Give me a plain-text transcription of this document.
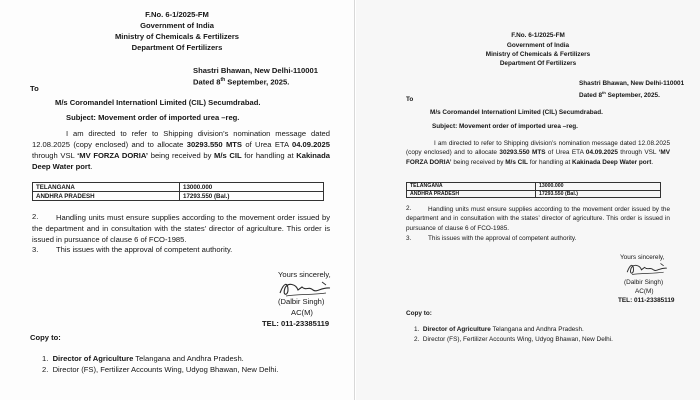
F.No. 6-1/2025-FM
Government of India
Ministry of Chemicals & Fertilizers
Department Of Fertilizers
Shastri Bhawan, New Delhi-110001
Dated 8th September, 2025.
To
M/s Coromandel Internationl Limited (CIL) Secumdrabad.
Subject: Movement order of imported urea –reg.
I am directed to refer to Shipping division’s nomination message dated 12.08.2025 (copy enclosed) and to allocate 30293.550 MTS of Urea ETA 04.09.2025 through VSL ‘MV FORZA DORIA’ being received by M/s CIL for handling at Kakinada Deep Water port.
TELANGANA	13000.000
ANDHRA PRADESH	17293.550 (Bal.)
2.	Handling units must ensure supplies according to the movement order issued by the department and in consultation with the states’ director of agriculture. This order is issued in pursuance of clause 6 of FCO-1985.
3. This issues with the approval of competent authority.
Yours sincerely,
(Dalbir Singh)
AC(M)
TEL: 011-23385119
Copy to:
1. Director of Agriculture Telangana and Andhra Pradesh.
2. Director (FS), Fertilizer Accounts Wing, Udyog Bhawan, New Delhi.
F.No. 6-1/2025-FM
Government of India
Ministry of Chemicals & Fertilizers
Department Of Fertilizers
Shastri Bhawan, New Delhi-110001
Dated 8th September, 2025.
To
M/s Coromandel Internationl Limited (CIL) Secumdrabad.
Subject: Movement order of imported urea –reg.
I am directed to refer to Shipping division’s nomination message dated 12.08.2025 (copy enclosed) and to allocate 30293.550 MTS of Urea ETA 04.09.2025 through VSL ‘MV FORZA DORIA’ being received by M/s CIL for handling at Kakinada Deep Water port.
TELANGANA	13000.000
ANDHRA PRADESH	17293.550 (Bal.)
2.	Handling units must ensure supplies according to the movement order issued by the department and in consultation with the states’ director of agriculture. This order is issued in pursuance of clause 6 of FCO-1985.
3.	This issues with the approval of competent authority.
Yours sincerely,
(Dalbir Singh)
AC(M)
TEL: 011-23385119
Copy to:
1. Director of Agriculture Telangana and Andhra Pradesh.
2. Director (FS), Fertilizer Accounts Wing, Udyog Bhawan, New Delhi.
